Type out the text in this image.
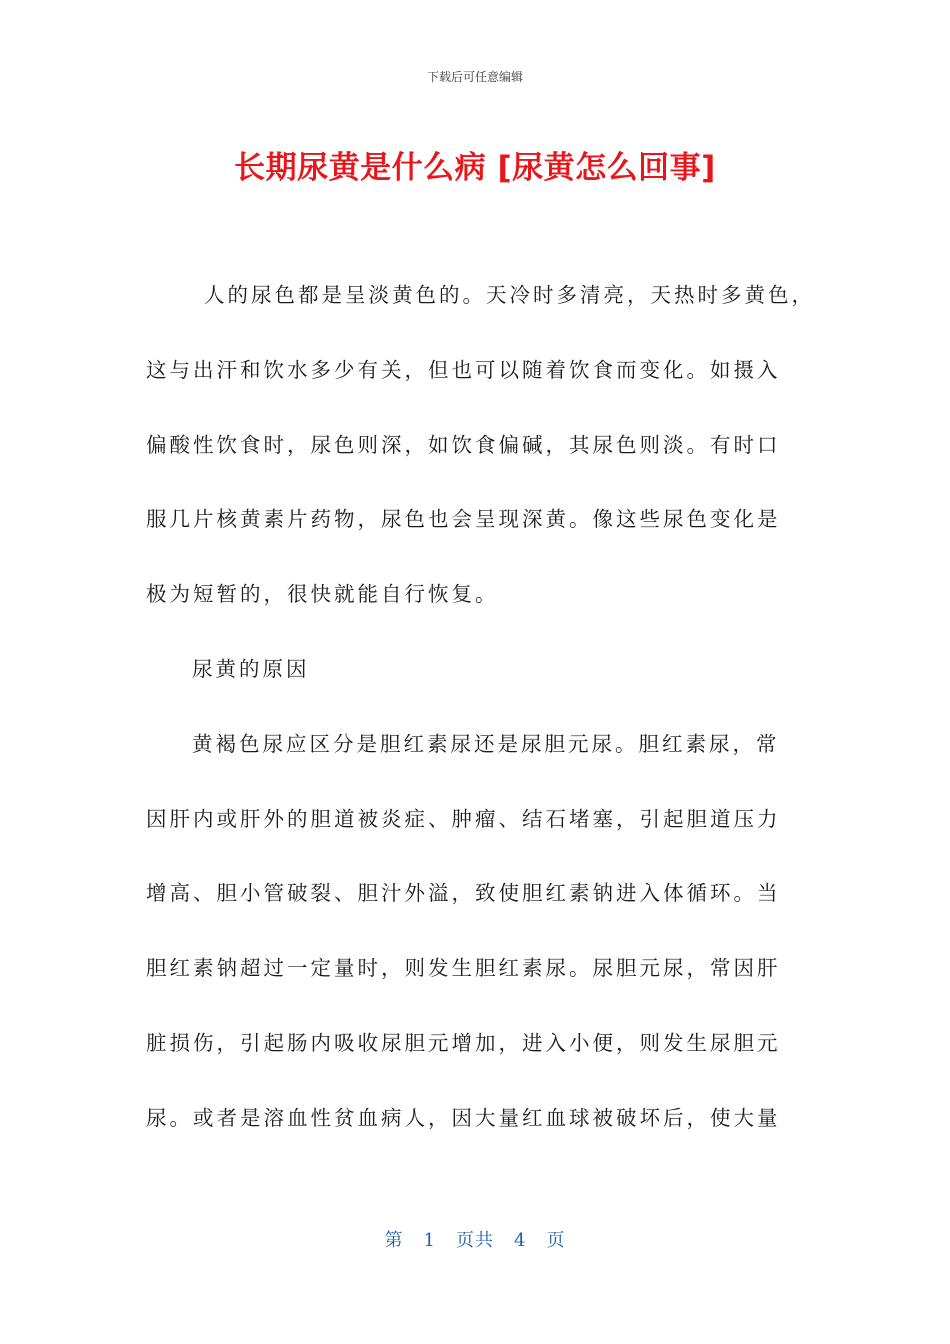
下载后可任意编辑
长期尿黄是什么病 [尿黄怎么回事]
人的尿色都是呈淡黄色的。天冷时多清亮，天热时多黄色，
这与出汗和饮水多少有关，但也可以随着饮食而变化。如摄入
偏酸性饮食时，尿色则深，如饮食偏碱，其尿色则淡。有时口
服几片核黄素片药物，尿色也会呈现深黄。像这些尿色变化是
极为短暂的，很快就能自行恢复。
尿黄的原因
黄褐色尿应区分是胆红素尿还是尿胆元尿。胆红素尿，常
因肝内或肝外的胆道被炎症、肿瘤、结石堵塞，引起胆道压力
增高、胆小管破裂、胆汁外溢，致使胆红素钠进入体循环。当
胆红素钠超过一定量时，则发生胆红素尿。尿胆元尿，常因肝
脏损伤，引起肠内吸收尿胆元增加，进入小便，则发生尿胆元
尿。或者是溶血性贫血病人，因大量红血球被破坏后，使大量
第 1 页共 4 页
